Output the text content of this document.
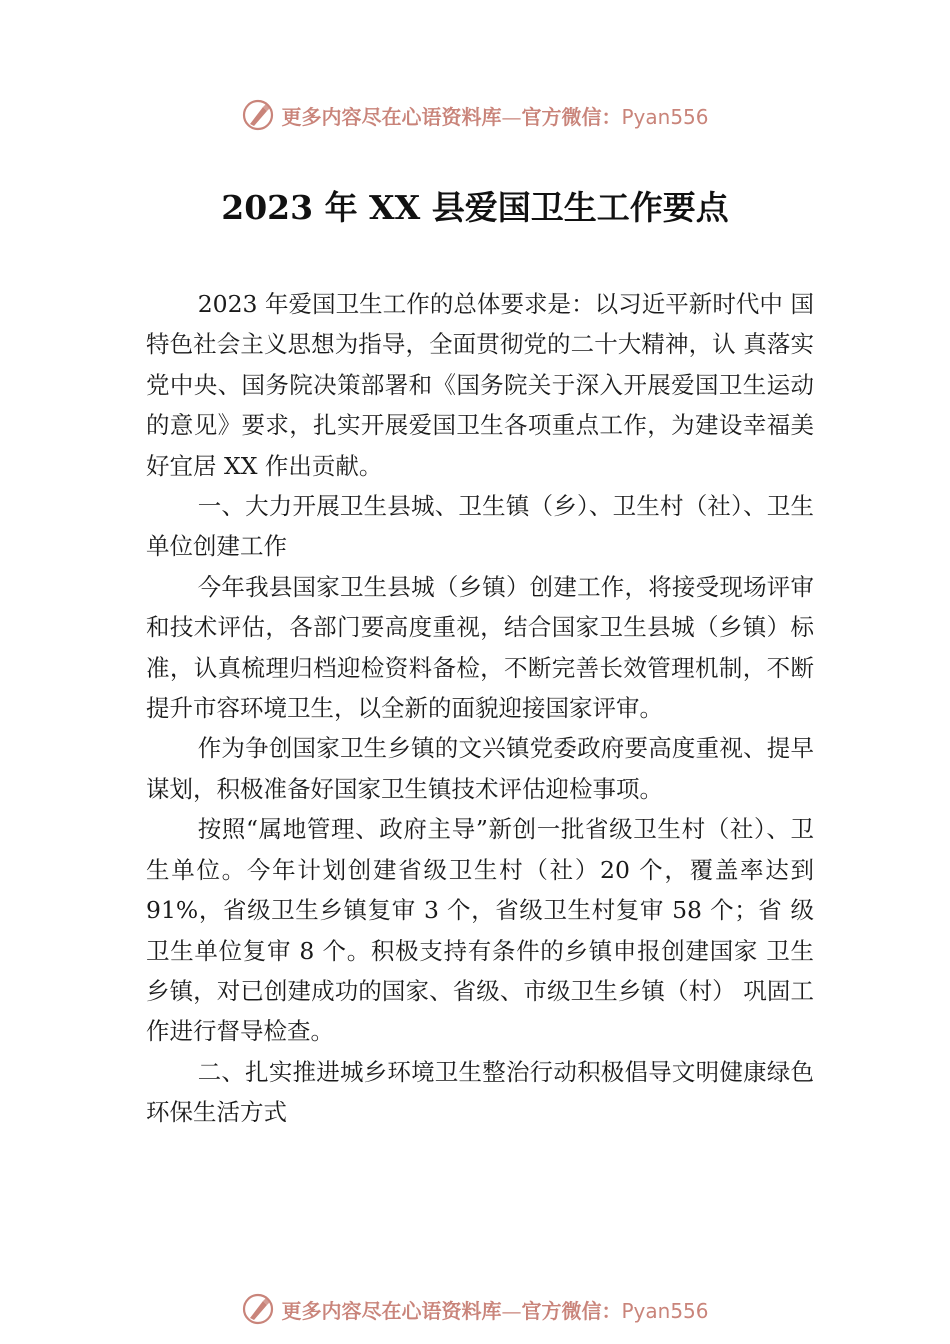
更多内容尽在心语资料库—官方微信：Pyan556
2023 年 XX 县爱国卫生工作要点

2023 年爱国卫生工作的总体要求是：以习近平新时代中 国特色社会主义思想为指导，全面贯彻党的二十大精神，认 真落实党中央、国务院决策部署和《国务院关于深入开展爱国卫生运动的意见》要求，扎实开展爱国卫生各项重点工作，为建设幸福美好宜居 XX 作出贡献。

一、大力开展卫生县城、卫生镇（乡）、卫生村（社）、卫生单位创建工作

今年我县国家卫生县城（乡镇）创建工作，将接受现场评审和技术评估，各部门要高度重视，结合国家卫生县城（乡镇）标准，认真梳理归档迎检资料备检，不断完善长效管理机制，不断提升市容环境卫生，以全新的面貌迎接国家评审。

作为争创国家卫生乡镇的文兴镇党委政府要高度重视、提早谋划，积极准备好国家卫生镇技术评估迎检事项。

按照“属地管理、政府主导”新创一批省级卫生村（社）、卫生单位。今年计划创建省级卫生村（社）20 个，覆盖率达到 91%，省级卫生乡镇复审 3 个，省级卫生村复审 58 个；省 级卫生单位复审 8 个。积极支持有条件的乡镇申报创建国家 卫生乡镇，对已创建成功的国家、省级、市级卫生乡镇（村） 巩固工作进行督导检查。

二、扎实推进城乡环境卫生整治行动积极倡导文明健康绿色环保生活方式

更多内容尽在心语资料库—官方微信：Pyan556
